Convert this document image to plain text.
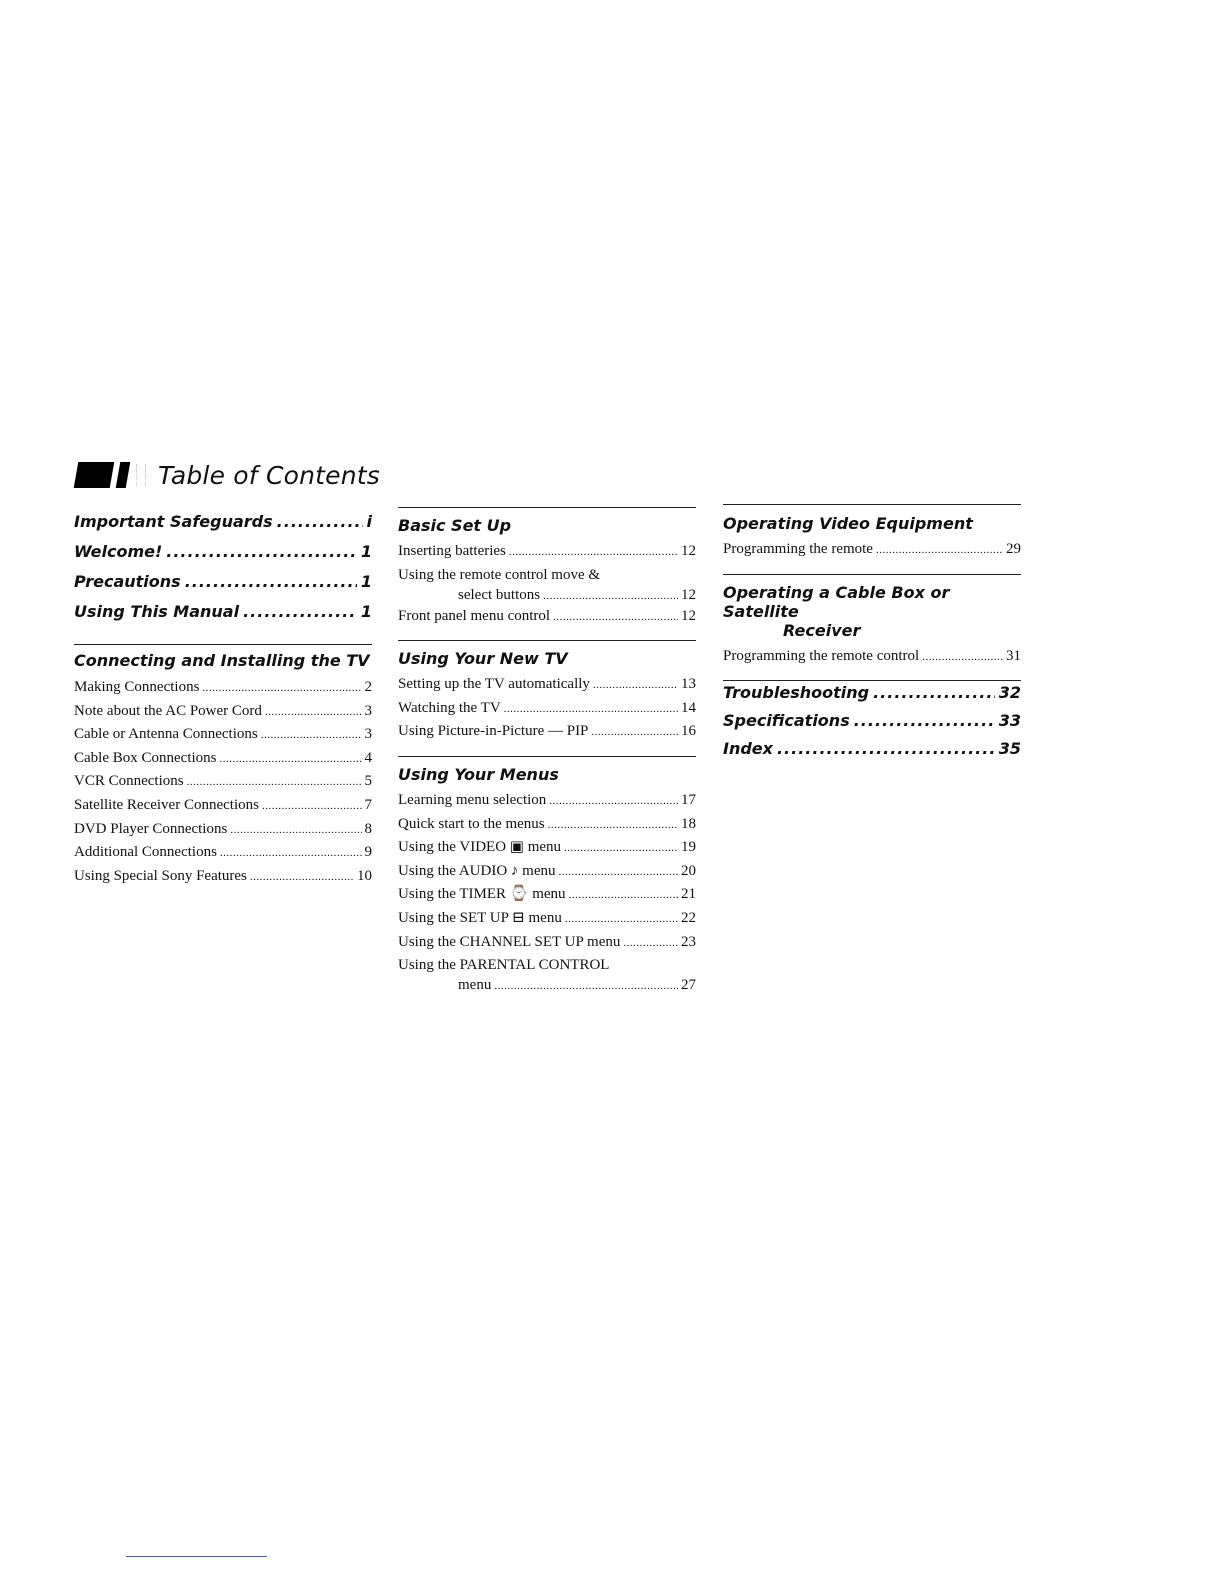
Table of Contents
Important Safeguards .....	i
Welcome! .....	1
Precautions .....	1
Using This Manual .....	1
Connecting and Installing the TV
Making Connections .....	2
Note about the AC Power Cord .....	3
Cable or Antenna Connections .....	3
Cable Box Connections .....	4
VCR Connections .....	5
Satellite Receiver Connections .....	7
DVD Player Connections .....	8
Additional Connections .....	9
Using Special Sony Features .....	10
Basic Set Up
Inserting batteries .....	12
Using the remote control move &
select buttons .....	12
Front panel menu control .....	12
Using Your New TV
Setting up the TV automatically .....	13
Watching the TV .....	14
Using Picture-in-Picture — PIP .....	16
Using Your Menus
Learning menu selection .....	17
Quick start to the menus .....	18
Using the VIDEO ▣ menu .....	19
Using the AUDIO ♪ menu .....	20
Using the TIMER ⌚ menu .....	21
Using the SET UP ⊟ menu .....	22
Using the CHANNEL SET UP menu .....	23
Using the PARENTAL CONTROL
menu .....	27
Operating Video Equipment
Programming the remote .....	29
Operating a Cable Box or Satellite
Receiver
Programming the remote control .....	31
Troubleshooting .....	32
Specifications .....	33
Index .....	35
